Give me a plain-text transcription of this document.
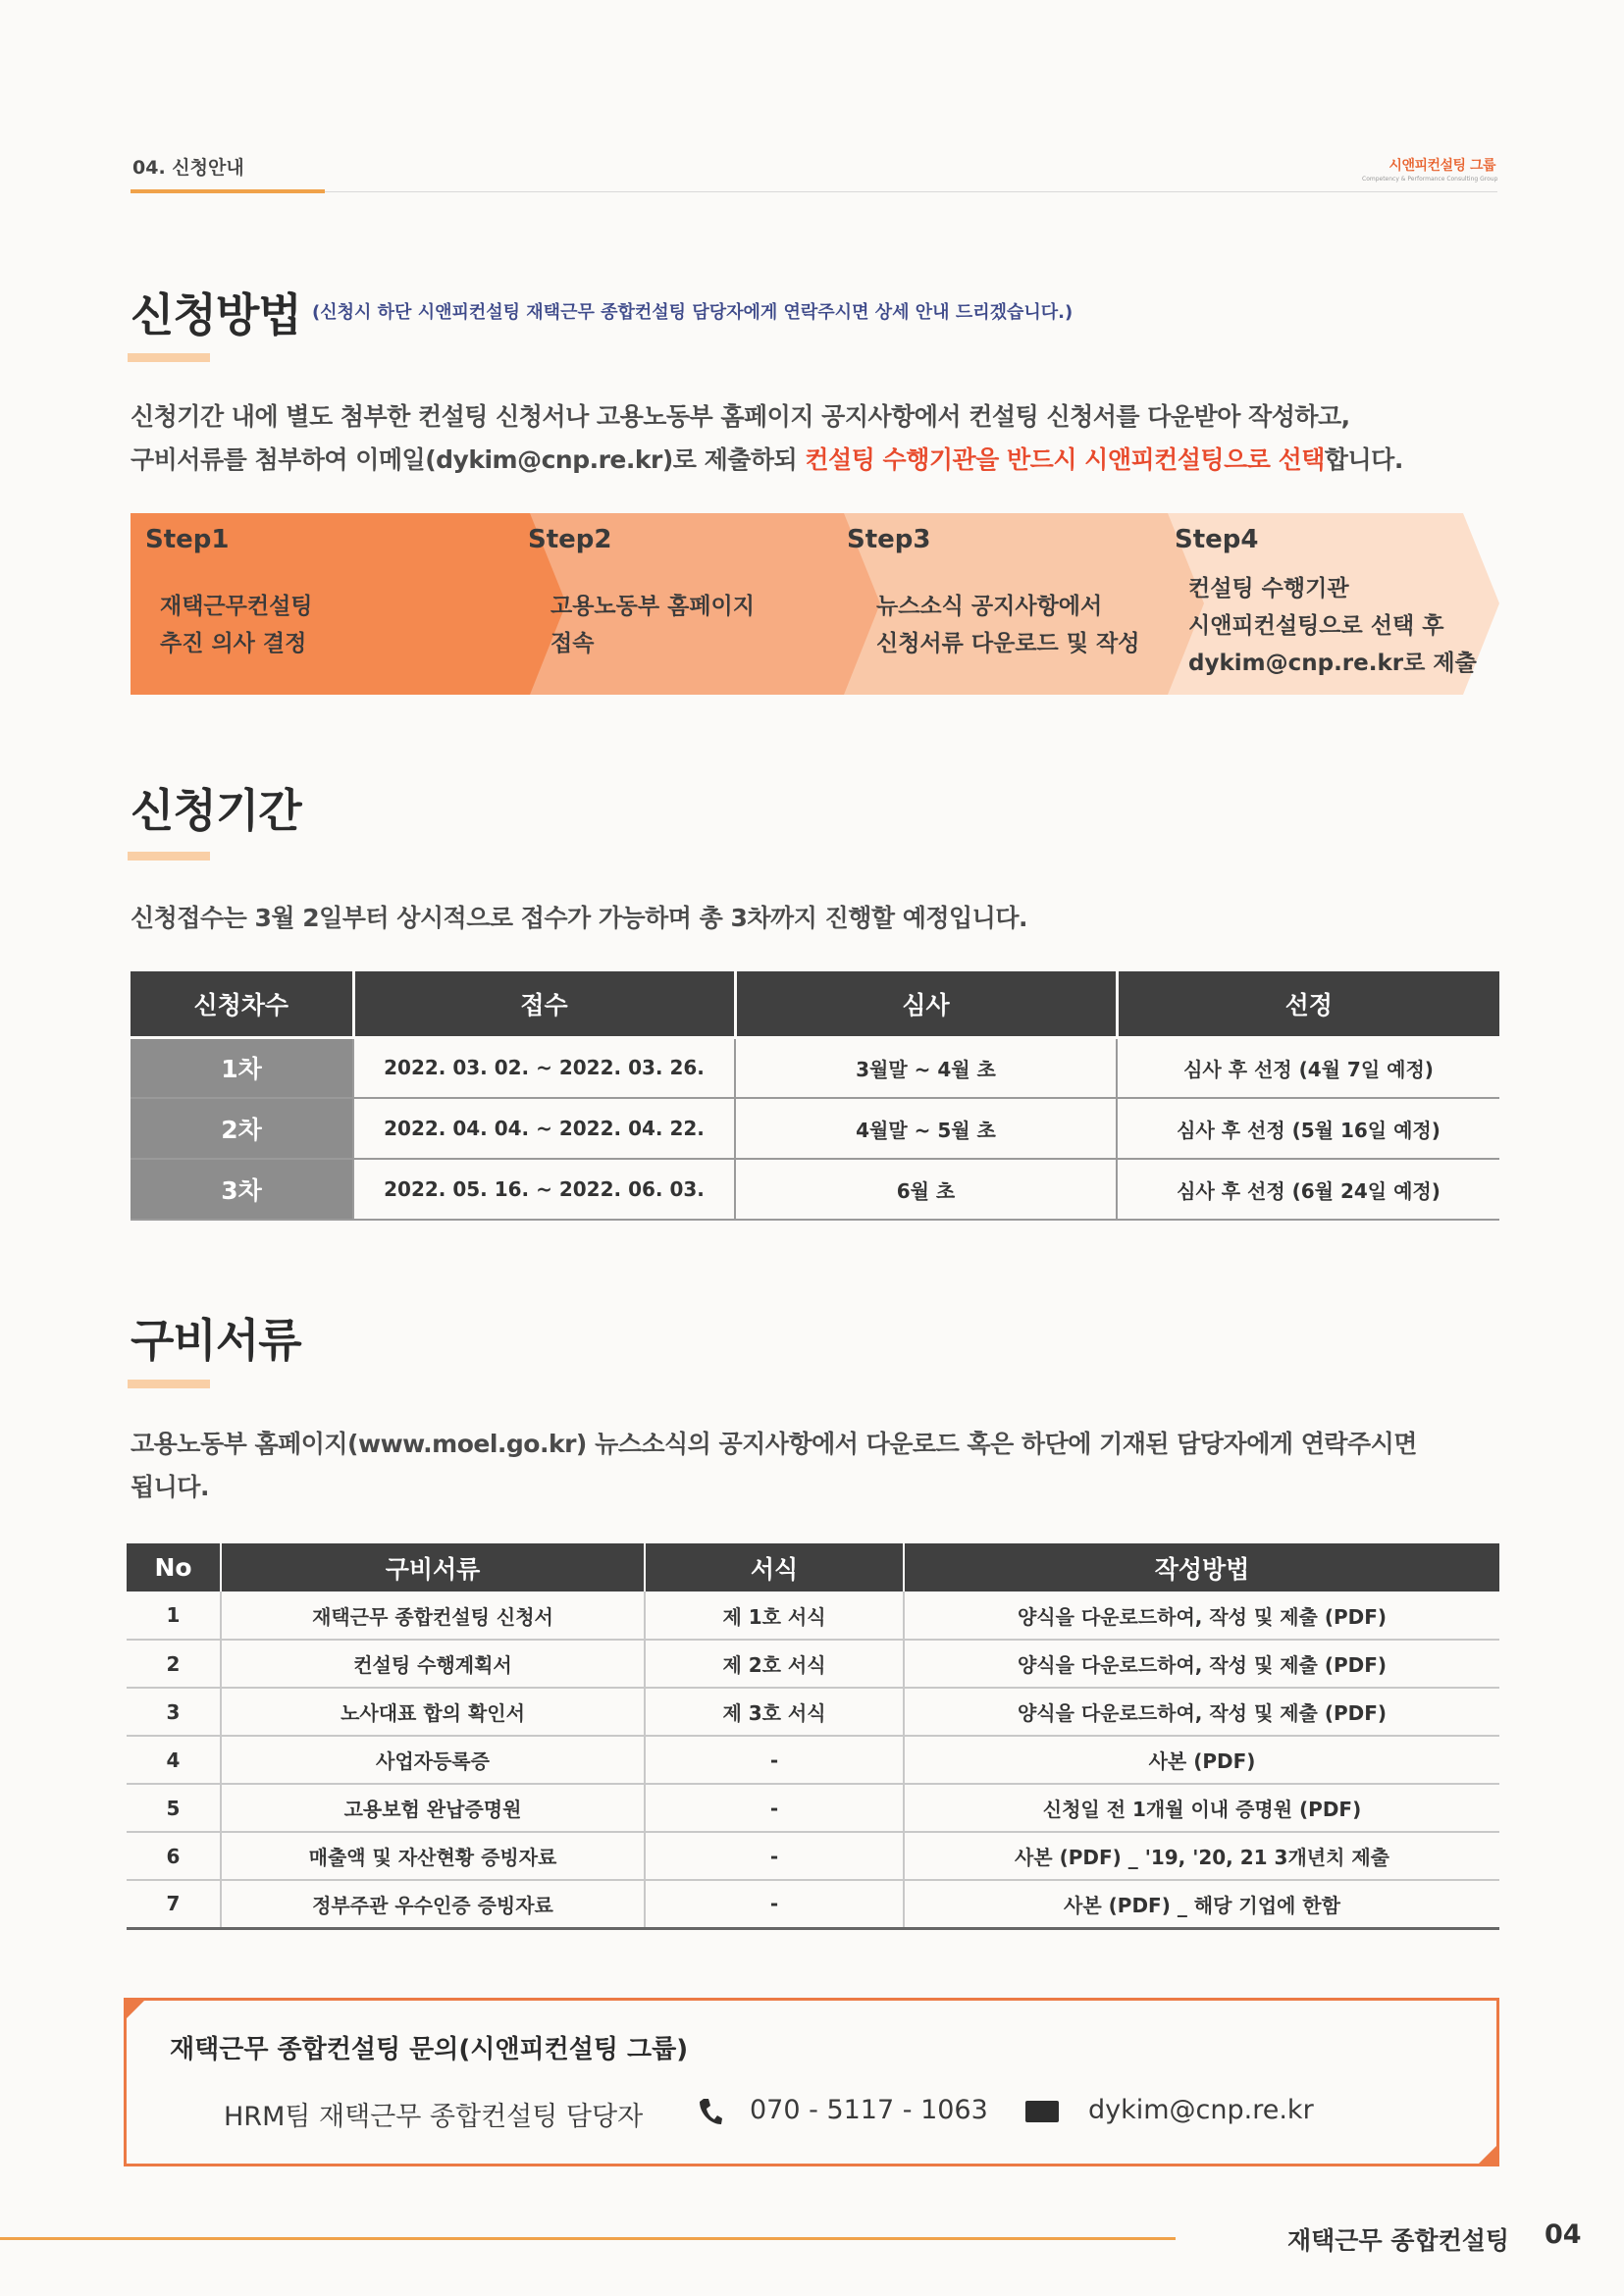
04. 신청안내	시앤피컨설팅 그룹
Competency & Performance Consulting Group
신청방법 (신청시 하단 시앤피컨설팅 재택근무 종합컨설팅 담당자에게 연락주시면 상세 안내 드리겠습니다.)
신청기간 내에 별도 첨부한 컨설팅 신청서나 고용노동부 홈페이지 공지사항에서 컨설팅 신청서를 다운받아 작성하고,
구비서류를 첨부하여 이메일(dykim@cnp.re.kr)로 제출하되 컨설팅 수행기관을 반드시 시앤피컨설팅으로 선택합니다.
Step1
재택근무컨설팅
추진 의사 결정
Step2
고용노동부 홈페이지
접속
Step3
뉴스소식 공지사항에서
신청서류 다운로드 및 작성
Step4
컨설팅 수행기관
시앤피컨설팅으로 선택 후
dykim@cnp.re.kr로 제출
신청기간
신청접수는 3월 2일부터 상시적으로 접수가 가능하며 총 3차까지 진행할 예정입니다.
신청차수	접수	심사	선정
1차	2022. 03. 02. ~ 2022. 03. 26.	3월말 ~ 4월 초	심사 후 선정 (4월 7일 예정)
2차	2022. 04. 04. ~ 2022. 04. 22.	4월말 ~ 5월 초	심사 후 선정 (5월 16일 예정)
3차	2022. 05. 16. ~ 2022. 06. 03.	6월 초	심사 후 선정 (6월 24일 예정)
구비서류
고용노동부 홈페이지(www.moel.go.kr) 뉴스소식의 공지사항에서 다운로드 혹은 하단에 기재된 담당자에게 연락주시면
됩니다.
No	구비서류	서식	작성방법
1	재택근무 종합컨설팅 신청서	제 1호 서식	양식을 다운로드하여, 작성 및 제출 (PDF)
2	컨설팅 수행계획서	제 2호 서식	양식을 다운로드하여, 작성 및 제출 (PDF)
3	노사대표 합의 확인서	제 3호 서식	양식을 다운로드하여, 작성 및 제출 (PDF)
4	사업자등록증	-	사본 (PDF)
5	고용보험 완납증명원	-	신청일 전 1개월 이내 증명원 (PDF)
6	매출액 및 자산현황 증빙자료	-	사본 (PDF) _ '19, '20, 21 3개년치 제출
7	정부주관 우수인증 증빙자료	-	사본 (PDF) _ 해당 기업에 한함
재택근무 종합컨설팅 문의(시앤피컨설팅 그룹)
HRM팀 재택근무 종합컨설팅 담당자	070 - 5117 - 1063	dykim@cnp.re.kr
재택근무 종합컨설팅 04
